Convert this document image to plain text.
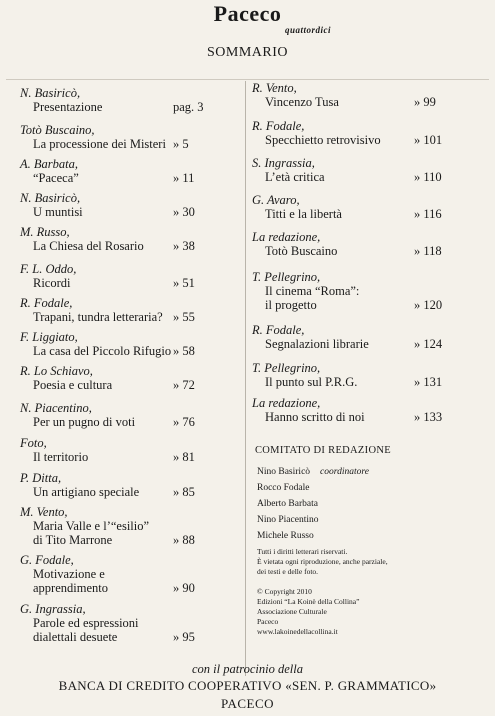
Paceco
quattordici
SOMMARIO
N. Basiricò,
Presentazione	pag. 3
Totò Buscaino,
La processione dei Misteri » 5
A. Barbata,
“Paceca”	» 11
N. Basiricò,
U muntisi	» 30
M. Russo,
La Chiesa del Rosario	» 38
F. L. Oddo,
Ricordi	» 51
R. Fodale,
Trapani, tundra letteraria? » 55
F. Liggiato,
La casa del Piccolo Rifugio » 58
R. Lo Schiavo,
Poesia e cultura	» 72
N. Piacentino,
Per un pugno di voti	» 76
Foto,
Il territorio	» 81
P. Ditta,
Un artigiano speciale	» 85
M. Vento,
Maria Valle e l’“esilio”
di Tito Marrone	» 88
G. Fodale,
Motivazione e
apprendimento	» 90
G. Ingrassia,
Parole ed espressioni
dialettali desuete	» 95
R. Vento,
Vincenzo Tusa	» 99
R. Fodale,
Specchietto retrovisivo	» 101
S. Ingrassia,
L’età critica	» 110
G. Avaro,
Titti e la libertà	» 116
La redazione,
Totò Buscaino	» 118
T. Pellegrino,
Il cinema “Roma”:
il progetto	» 120
R. Fodale,
Segnalazioni librarie	» 124
T. Pellegrino,
Il punto sul P.R.G.	» 131
La redazione,
Hanno scritto di noi	» 133
COMITATO DI REDAZIONE
Nino Basiricò coordinatore
Rocco Fodale
Alberto Barbata
Nino Piacentino
Michele Russo
Tutti i diritti letterari riservati.
È vietata ogni riproduzione, anche parziale,
dei testi e delle foto.
© Copyright 2010
Edizioni “La Koinè della Collina”
Associazione Culturale
Paceco
www.lakoinedellacollina.it
con il patrocinio della
BANCA DI CREDITO COOPERATIVO «SEN. P. GRAMMATICO»
PACECO
